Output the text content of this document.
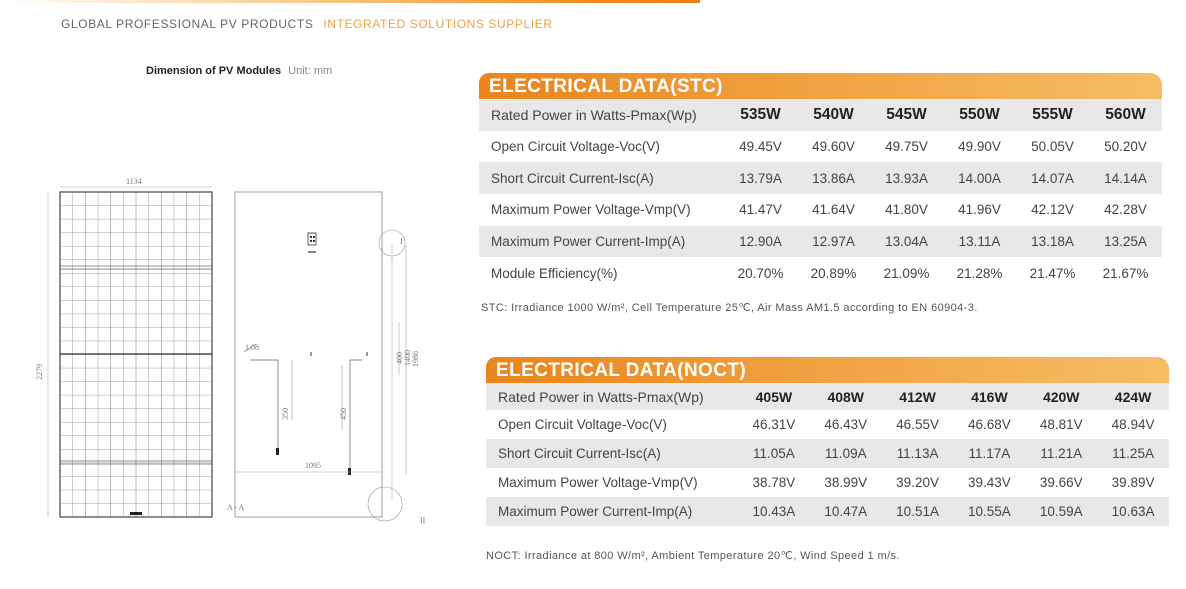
GLOBAL PROFESSIONAL PV PRODUCTS INTEGRATED SOLUTIONS SUPPLIER
Dimension of PV Modules Unit: mm
1134
2279
350	450
1095
A - A
1.08
400 1400 1986
I
II
ELECTRICAL DATA(STC)
Rated Power in Watts-Pmax(Wp)	535W	540W	545W	550W	555W	560W
Open Circuit Voltage-Voc(V)	49.45V	49.60V	49.75V	49.90V	50.05V	50.20V
Short Circuit Current-Isc(A)	13.79A	13.86A	13.93A	14.00A	14.07A	14.14A
Maximum Power Voltage-Vmp(V)	41.47V	41.64V	41.80V	41.96V	42.12V	42.28V
Maximum Power Current-Imp(A)	12.90A	12.97A	13.04A	13.11A	13.18A	13.25A
Module Efficiency(%)	20.70%	20.89%	21.09%	21.28%	21.47%	21.67%
STC: Irradiance 1000 W/m², Cell Temperature 25℃, Air Mass AM1.5 according to EN 60904-3.
ELECTRICAL DATA(NOCT)
Rated Power in Watts-Pmax(Wp)	405W	408W	412W	416W	420W	424W
Open Circuit Voltage-Voc(V)	46.31V	46.43V	46.55V	46.68V	48.81V	48.94V
Short Circuit Current-Isc(A)	11.05A	11.09A	11.13A	11.17A	11.21A	11.25A
Maximum Power Voltage-Vmp(V)	38.78V	38.99V	39.20V	39.43V	39.66V	39.89V
Maximum Power Current-Imp(A)	10.43A	10.47A	10.51A	10.55A	10.59A	10.63A
NOCT: Irradiance at 800 W/m², Ambient Temperature 20℃, Wind Speed 1 m/s.
